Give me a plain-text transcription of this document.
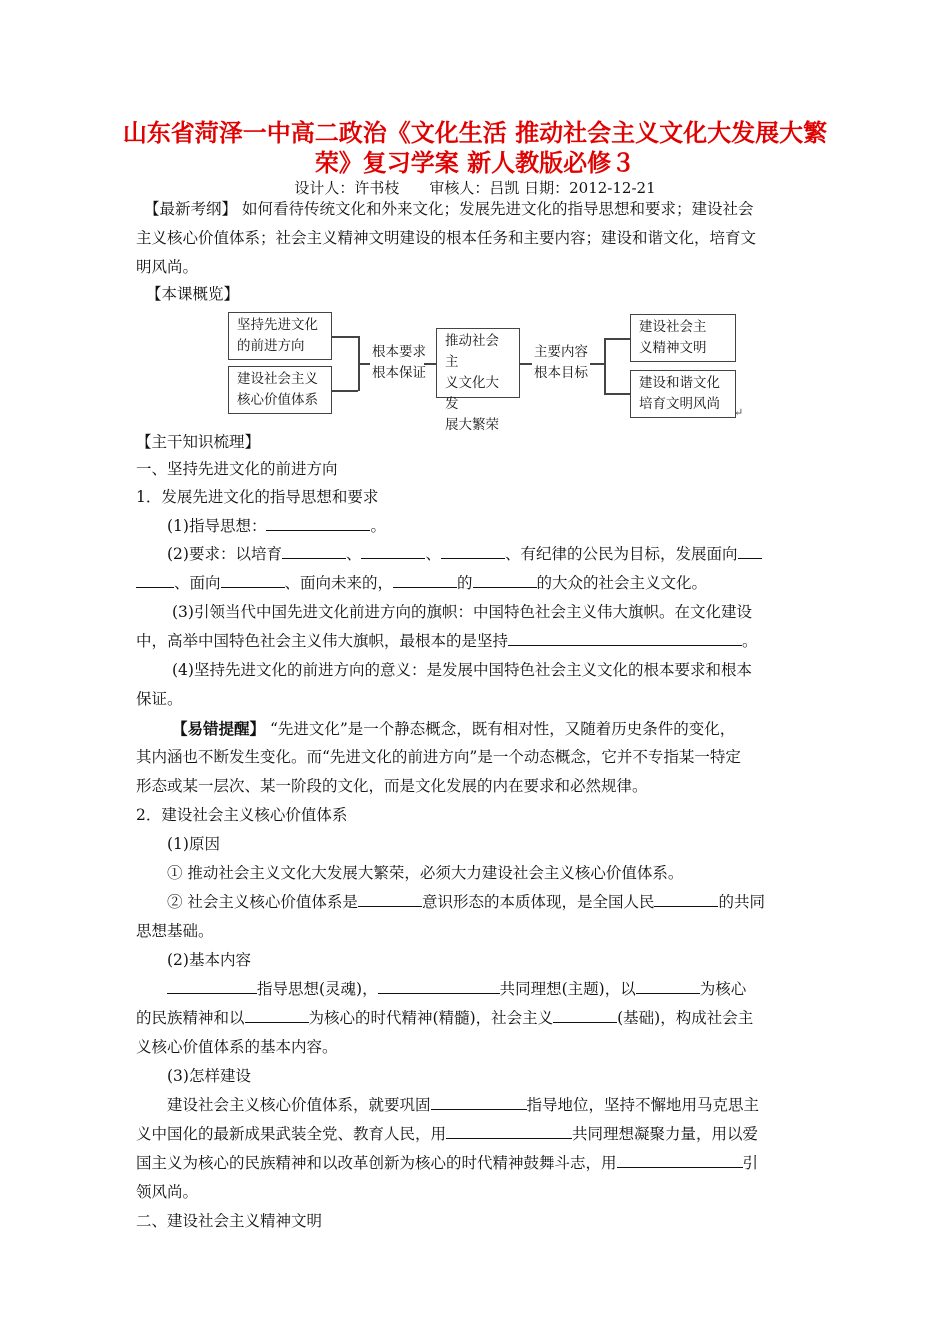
山东省菏泽一中高二政治《文化生活 推动社会主义文化大发展大繁
荣》复习学案 新人教版必修３
设计人：许书枝　　审核人：吕凯 日期：2012-12-21

【最新考纲】 如何看待传统文化和外来文化；发展先进文化的指导思想和要求；建设社会

主义核心价值体系；社会主义精神文明建设的根本任务和主要内容；建设和谐文化，培育文

明风尚。

【本课概览】

坚持先进文化
的前进方向
建设社会主义
核心价值体系
根本要求
根本保证
推动社会主
义文化大发
展大繁荣
主要内容
根本目标
建设社会主
义精神文明
建设和谐文化
培育文明风尚
↵

【主干知识梳理】

一、坚持先进文化的前进方向

1．发展先进文化的指导思想和要求

(1)指导思想：	。

(2)要求：以培育	、	、	、有纪律的公民为目标，发展面向

、面向	、面向未来的，	的	的大众的社会主义文化。

(3)引领当代中国先进文化前进方向的旗帜：中国特色社会主义伟大旗帜。在文化建设

中，高举中国特色社会主义伟大旗帜，最根本的是坚持	。

(4)坚持先进文化的前进方向的意义：是发展中国特色社会主义文化的根本要求和根本

保证。

【易错提醒】 “先进文化”是一个静态概念，既有相对性，又随着历史条件的变化，

其内涵也不断发生变化。而“先进文化的前进方向”是一个动态概念，它并不专指某一特定

形态或某一层次、某一阶段的文化，而是文化发展的内在要求和必然规律。

2．建设社会主义核心价值体系

(1)原因

① 推动社会主义文化大发展大繁荣，必须大力建设社会主义核心价值体系。

② 社会主义核心价值体系是	意识形态的本质体现，是全国人民	的共同

思想基础。

(2)基本内容

指导思想(灵魂)，	共同理想(主题)，以	为核心

的民族精神和以	为核心的时代精神(精髓)，社会主义	(基础)，构成社会主

义核心价值体系的基本内容。

(3)怎样建设

建设社会主义核心价值体系，就要巩固	指导地位，坚持不懈地用马克思主

义中国化的最新成果武装全党、教育人民，用	共同理想凝聚力量，用以爱

国主义为核心的民族精神和以改革创新为核心的时代精神鼓舞斗志，用	引

领风尚。

二、建设社会主义精神文明
